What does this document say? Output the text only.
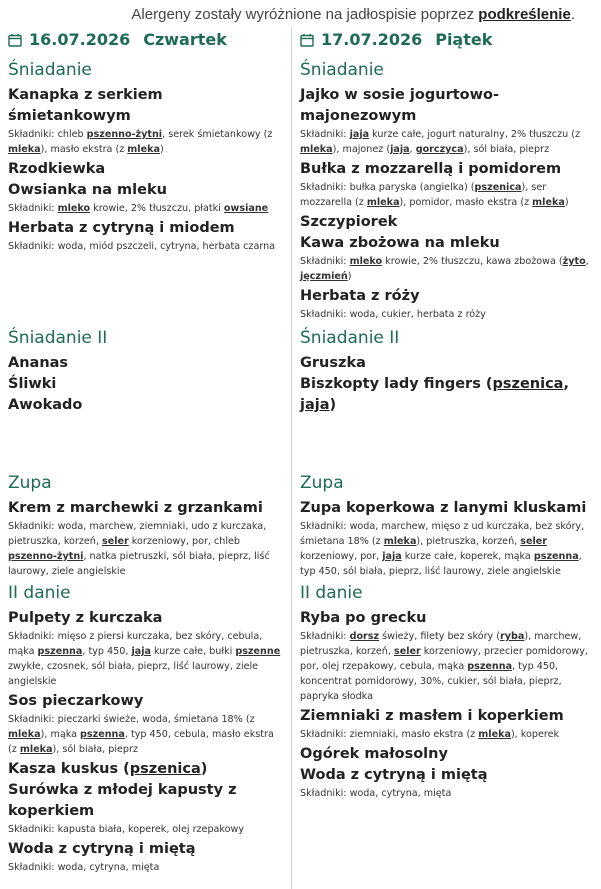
Alergeny zostały wyróżnione na jadłospisie poprzez podkreślenie.
16.07.2026 Czwartek
Śniadanie
Kanapka z serkiem śmietankowym
Składniki: chleb pszenno-żytni, serek śmietankowy (z mleka), masło ekstra (z mleka)
Rzodkiewka
Owsianka na mleku
Składniki: mleko krowie, 2% tłuszczu, płatki owsiane
Herbata z cytryną i miodem
Składniki: woda, miód pszczeli, cytryna, herbata czarna
Śniadanie II
Ananas
Śliwki
Awokado
Zupa
Krem z marchewki z grzankami
Składniki: woda, marchew, ziemniaki, udo z kurczaka, pietruszka, korzeń, seler korzeniowy, por, chleb pszenno-żytni, natka pietruszki, sól biała, pieprz, liść laurowy, ziele angielskie
II danie
Pulpety z kurczaka
Składniki: mięso z piersi kurczaka, bez skóry, cebula, mąka pszenna, typ 450, jaja kurze całe, bułki pszenne zwykłe, czosnek, sól biała, pieprz, liść laurowy, ziele angielskie
Sos pieczarkowy
Składniki: pieczarki świeże, woda, śmietana 18% (z mleka), mąka pszenna, typ 450, cebula, masło ekstra (z mleka), sól biała, pieprz
Kasza kuskus (pszenica)
Surówka z młodej kapusty z koperkiem
Składniki: kapusta biała, koperek, olej rzepakowy
Woda z cytryną i miętą
Składniki: woda, cytryna, mięta
17.07.2026 Piątek
Śniadanie
Jajko w sosie jogurtowo-majonezowym
Składniki: jaja kurze całe, jogurt naturalny, 2% tłuszczu (z mleka), majonez (jaja, gorczyca), sól biała, pieprz
Bułka z mozzarellą i pomidorem
Składniki: bułka paryska (angielka) (pszenica), ser mozzarella (z mleka), pomidor, masło ekstra (z mleka)
Szczypiorek
Kawa zbożowa na mleku
Składniki: mleko krowie, 2% tłuszczu, kawa zbożowa (żyto, jęczmień)
Herbata z róży
Składniki: woda, cukier, herbata z róży
Śniadanie II
Gruszka
Biszkopty lady fingers (pszenica, jaja)
Zupa
Zupa koperkowa z lanymi kluskami
Składniki: woda, marchew, mięso z ud kurczaka, bez skóry, śmietana 18% (z mleka), pietruszka, korzeń, seler korzeniowy, por, jaja kurze całe, koperek, mąka pszenna, typ 450, sól biała, pieprz, liść laurowy, ziele angielskie
II danie
Ryba po grecku
Składniki: dorsz świeży, filety bez skóry (ryba), marchew, pietruszka, korzeń, seler korzeniowy, przecier pomidorowy, por, olej rzepakowy, cebula, mąka pszenna, typ 450, koncentrat pomidorowy, 30%, cukier, sól biała, pieprz, papryka słodka
Ziemniaki z masłem i koperkiem
Składniki: ziemniaki, masło ekstra (z mleka), koperek
Ogórek małosolny
Woda z cytryną i miętą
Składniki: woda, cytryna, mięta
